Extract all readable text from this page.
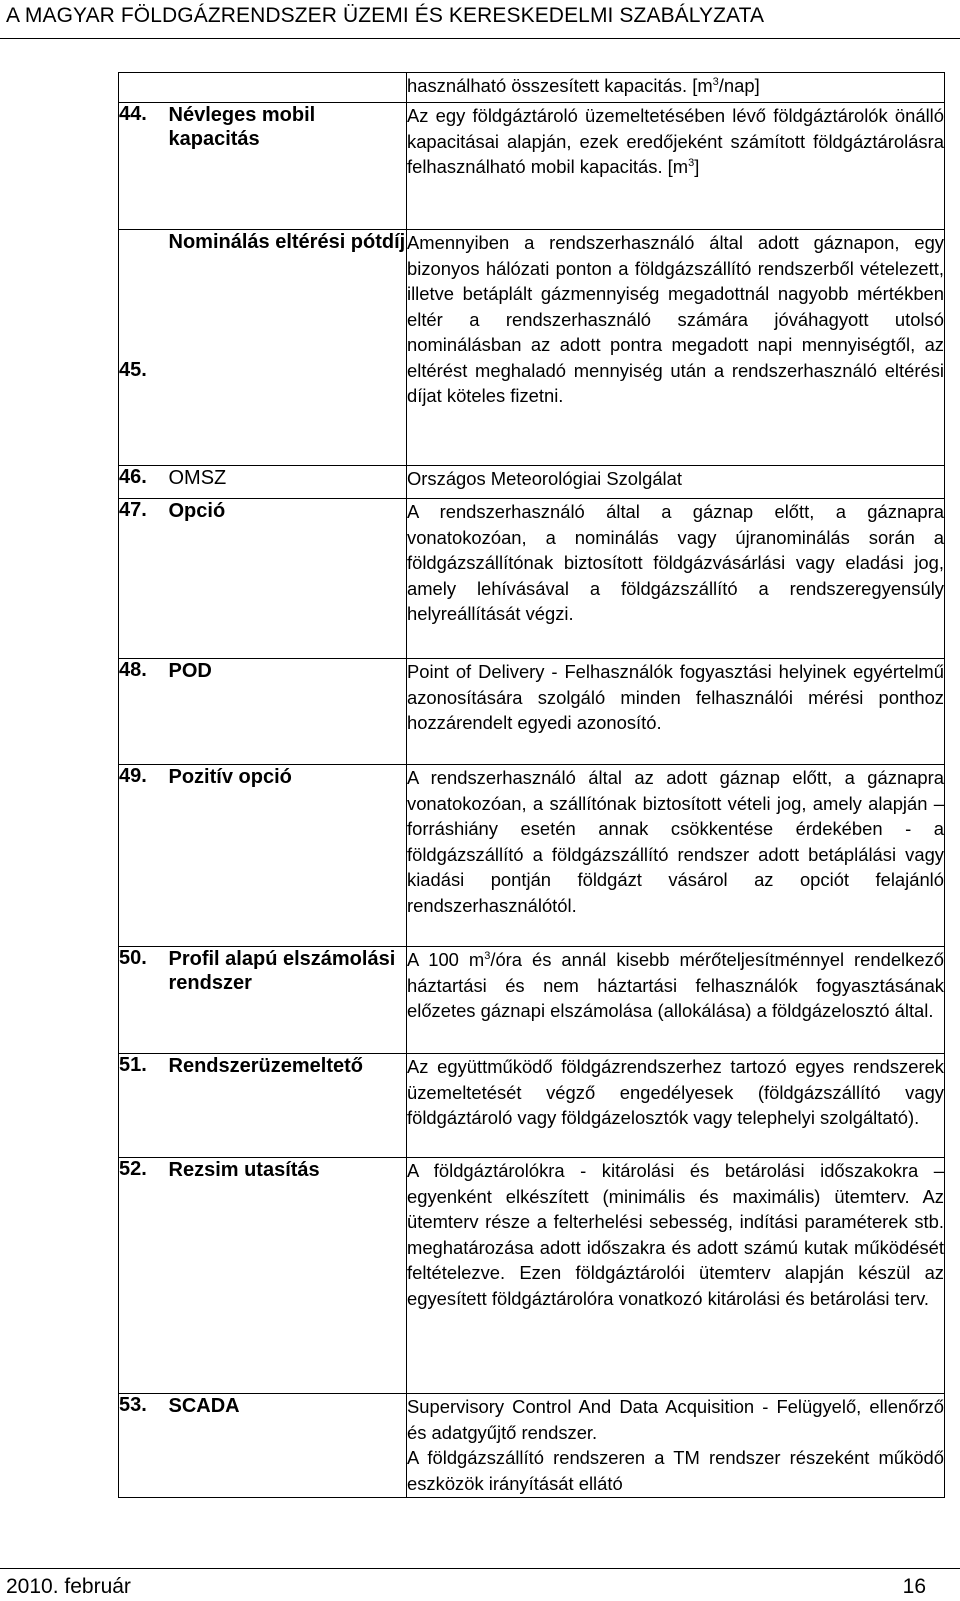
A MAGYAR FÖLDGÁZRENDSZER ÜZEMI ÉS KERESKEDELMI SZABÁLYZATA
		használható összesített kapacitás. $[m^3/nap]$
44.	Névleges mobil kapacitás	Az egy földgáztároló üzemeltetésében lévő földgáztárolók önálló kapacitásai alapján, ezek eredőjeként számított földgáztárolásra felhasználható mobil kapacitás. $[m^3]$
45.	Nominálás eltérési pótdíj	Amennyiben a rendszerhasználó által adott gáznapon, egy bizonyos hálózati ponton a földgázszállító rendszerből vételezett, illetve betáplált gázmennyiség megadottnál nagyobb mértékben eltér a rendszerhasználó számára jóváhagyott utolsó nominálásban az adott pontra megadott napi mennyiségtől, az eltérést meghaladó mennyiség után a rendszerhasználó eltérési díjat köteles fizetni.
46.	OMSZ	Országos Meteorológiai Szolgálat
47.	Opció	A rendszerhasználó által a gáznap előtt, a gáznapra vonatokozóan, a nominálás vagy újranominálás során a földgázszállítónak biztosított földgázvásárlási vagy eladási jog, amely lehívásával a földgázszállító a rendszeregyensúly helyreállítását végzi.
48.	POD	Point of Delivery - Felhasználók fogyasztási helyinek egyértelmű azonosítására szolgáló minden felhasználói mérési ponthoz hozzárendelt egyedi azonosító.
49.	Pozitív opció	A rendszerhasználó által az adott gáznap előtt, a gáznapra vonatokozóan, a szállítónak biztosított vételi jog, amely alapján – forráshiány esetén annak csökkentése érdekében - a földgázszállító a földgázszállító rendszer adott betáplálási vagy kiadási pontján földgázt vásárol az opciót felajánló rendszerhasználótól.
50.	Profil alapú elszámolási rendszer	A 100 $m^3$/óra és annál kisebb mérőteljesítménnyel rendelkező háztartási és nem háztartási felhasználók fogyasztásának előzetes gáznapi elszámolása (allokálása) a földgázelosztó által.
51.	Rendszerüzemeltető	Az együttműködő földgázrendszerhez tartozó egyes rendszerek üzemeltetését végző engedélyesek (földgázszállító vagy földgáztároló vagy földgázelosztók vagy telephelyi szolgáltató).
52.	Rezsim utasítás	A földgáztárolókra - kitárolási és betárolási időszakokra – egyenként elkészített (minimális és maximális) ütemterv. Az ütemterv része a felterhelési sebesség, indítási paraméterek stb. meghatározása adott időszakra és adott számú kutak működését feltételezve. Ezen földgáztárolói ütemterv alapján készül az egyesített földgáztárolóra vonatkozó kitárolási és betárolási terv.
53.	SCADA	Supervisory Control And Data Acquisition - Felügyelő, ellenőrző és adatgyűjtő rendszer.
A földgázszállító rendszeren a TM rendszer részeként működő eszközök irányítását ellátó
2010. február	16
